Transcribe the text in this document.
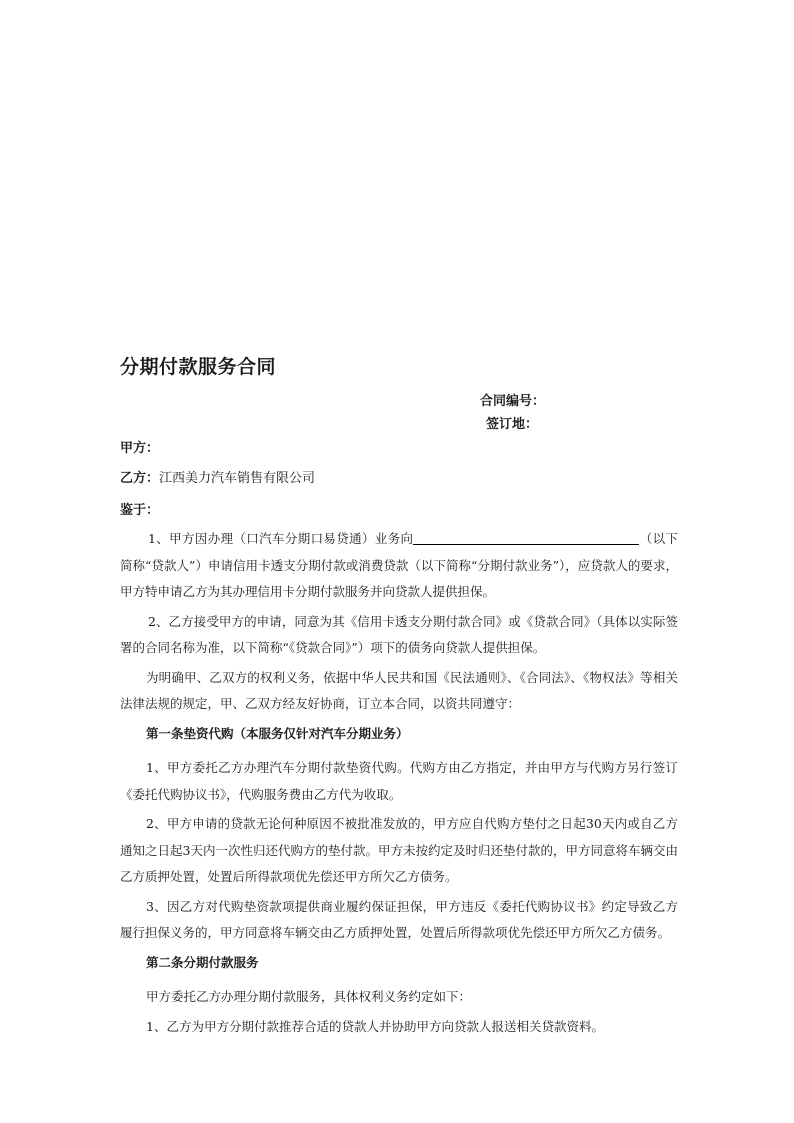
分期付款服务合同
合同编号：
签订地：
甲方：
乙方：江西美力汽车销售有限公司
鉴于：

1、甲方因办理（口汽车分期口易贷通）业务向	（以下简称“贷款人”）申请信用卡透支分期付款或消费贷款（以下简称“分期付款业务”），应贷款人的要求，甲方特申请乙方为其办理信用卡分期付款服务并向贷款人提供担保。

2、乙方接受甲方的申请，同意为其《信用卡透支分期付款合同》或《贷款合同》（具体以实际签署的合同名称为准，以下简称“《贷款合同》”）项下的债务向贷款人提供担保。

为明确甲、乙双方的权利义务，依据中华人民共和国《民法通则》、《合同法》、《物权法》等相关法律法规的规定，甲、乙双方经友好协商，订立本合同，以资共同遵守：

第一条垫资代购（本服务仅针对汽车分期业务）

1、甲方委托乙方办理汽车分期付款垫资代购。代购方由乙方指定，并由甲方与代购方另行签订《委托代购协议书》，代购服务费由乙方代为收取。

2、甲方申请的贷款无论何种原因不被批准发放的，甲方应自代购方垫付之日起30天内或自乙方通知之日起3天内一次性归还代购方的垫付款。甲方未按约定及时归还垫付款的，甲方同意将车辆交由乙方质押处置，处置后所得款项优先偿还甲方所欠乙方债务。

3、因乙方对代购垫资款项提供商业履约保证担保，甲方违反《委托代购协议书》约定导致乙方履行担保义务的，甲方同意将车辆交由乙方质押处置，处置后所得款项优先偿还甲方所欠乙方债务。

第二条分期付款服务

甲方委托乙方办理分期付款服务，具体权利义务约定如下：

1、乙方为甲方分期付款推荐合适的贷款人并协助甲方向贷款人报送相关贷款资料。
